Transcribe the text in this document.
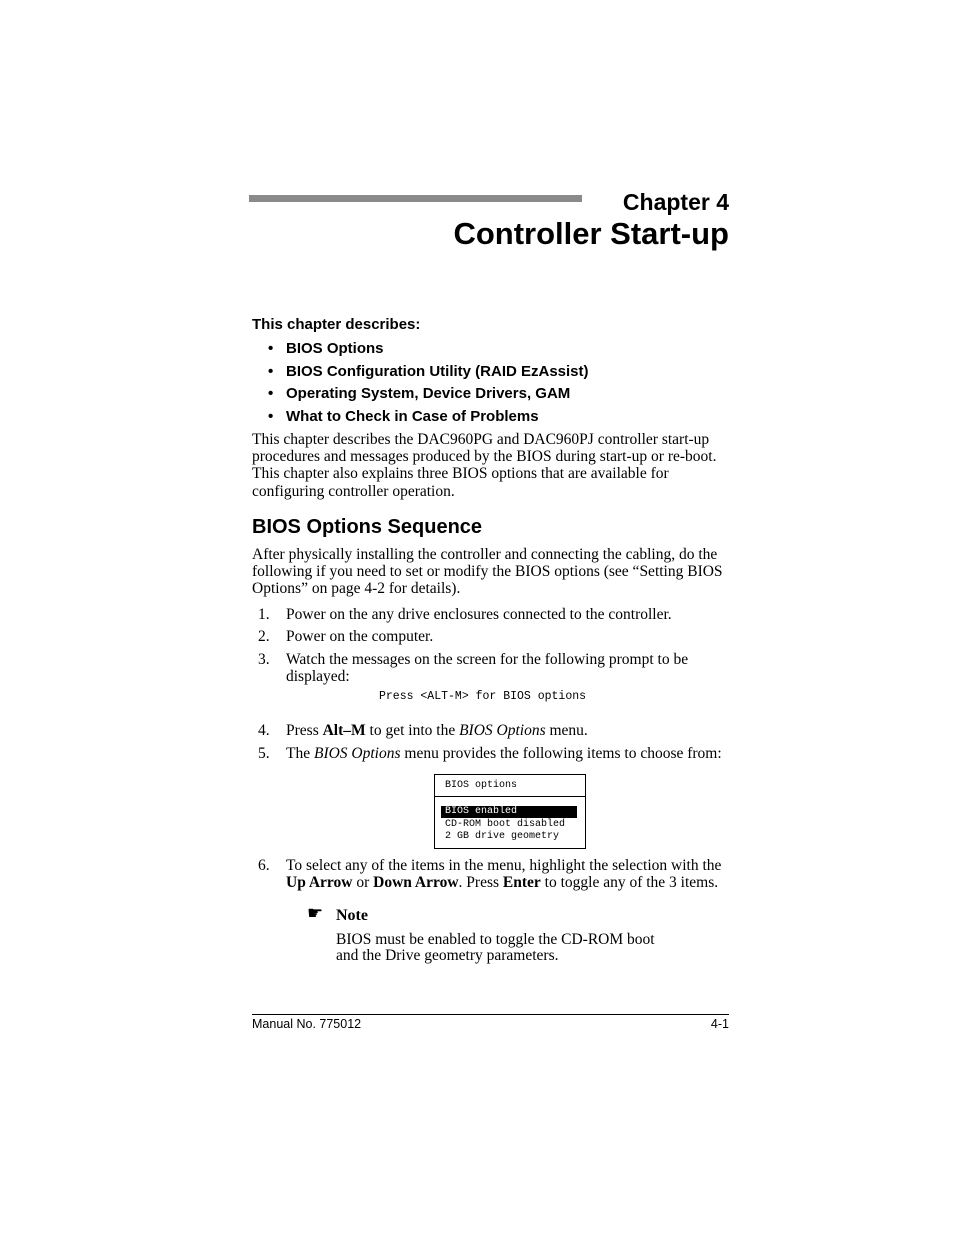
Chapter 4
Controller Start-up
This chapter describes:
• BIOS Options
• BIOS Configuration Utility (RAID EzAssist)
• Operating System, Device Drivers, GAM
• What to Check in Case of Problems
This chapter describes the DAC960PG and DAC960PJ controller start-up procedures and messages produced by the BIOS during start-up or re-boot. This chapter also explains three BIOS options that are available for configuring controller operation.
BIOS Options Sequence
After physically installing the controller and connecting the cabling, do the following if you need to set or modify the BIOS options (see “Setting BIOS Options” on page 4-2 for details).
1. Power on the any drive enclosures connected to the controller.
2. Power on the computer.
3. Watch the messages on the screen for the following prompt to be displayed:
Press <ALT-M> for BIOS options
4. Press Alt–M to get into the BIOS Options menu.
5. The BIOS Options menu provides the following items to choose from:
BIOS options
BIOS enabled
CD-ROM boot disabled
2 GB drive geometry
6. To select any of the items in the menu, highlight the selection with the Up Arrow or Down Arrow. Press Enter to toggle any of the 3 items.
☛ Note
BIOS must be enabled to toggle the CD-ROM boot and the Drive geometry parameters.
Manual No. 775012	4-1
